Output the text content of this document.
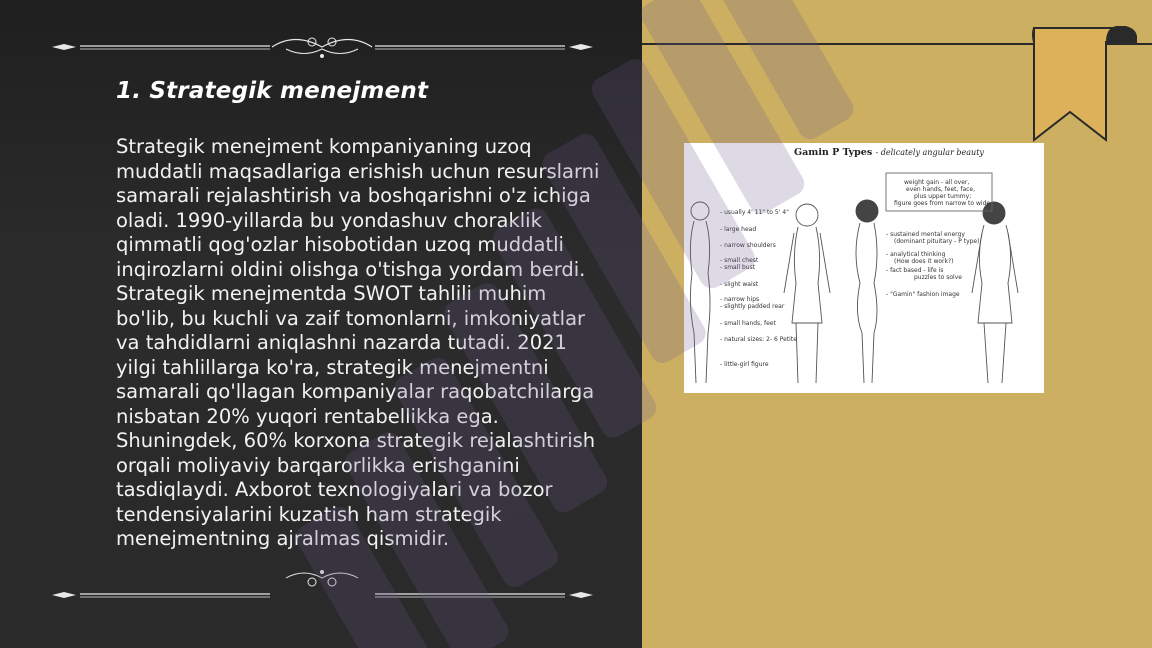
1. Strategik menejment

Strategik menejment kompaniyaning uzoq muddatli maqsadlariga erishish uchun resurslarni samarali rejalashtirish va boshqarishni o'z ichiga oladi. 1990-yillarda bu yondashuv choraklik qimmatli qog'ozlar hisobotidan uzoq muddatli inqirozlarni oldini olishga o'tishga yordam berdi. Strategik menejmentda SWOT tahlili muhim bo'lib, bu kuchli va zaif tomonlarni, imkoniyatlar va tahdidlarni aniqlashni nazarda tutadi. 2021 yilgi tahlillarga ko'ra, strategik menejmentni samarali qo'llagan kompaniyalar raqobatchilarga nisbatan 20% yuqori rentabellikka ega. Shuningdek, 60% korxona strategik rejalashtirish orqali moliyaviy barqarorlikka erishganini tasdiqlaydi. Axborot texnologiyalari va bozor tendensiyalarini kuzatish ham strategik menejmentning ajralmas qismidir.

Gamin P Types - delicately angular beauty
- usually 4' 11" to 5' 4"
- large head
- narrow shoulders
- small chest
- small bust
- slight waist
- narrow hips
- slightly padded rear
- small hands, feet
- natural sizes: 2- 6 Petite
- little-girl figure
weight gain - all over,
even hands, feet, face,
plus upper tummy;
figure goes from narrow to wide
- sustained mental energy
(dominant pituitary - P type)
- analytical thinking
(How does it work?)
- fact based - life is
puzzles to solve
- "Gamin" fashion image
